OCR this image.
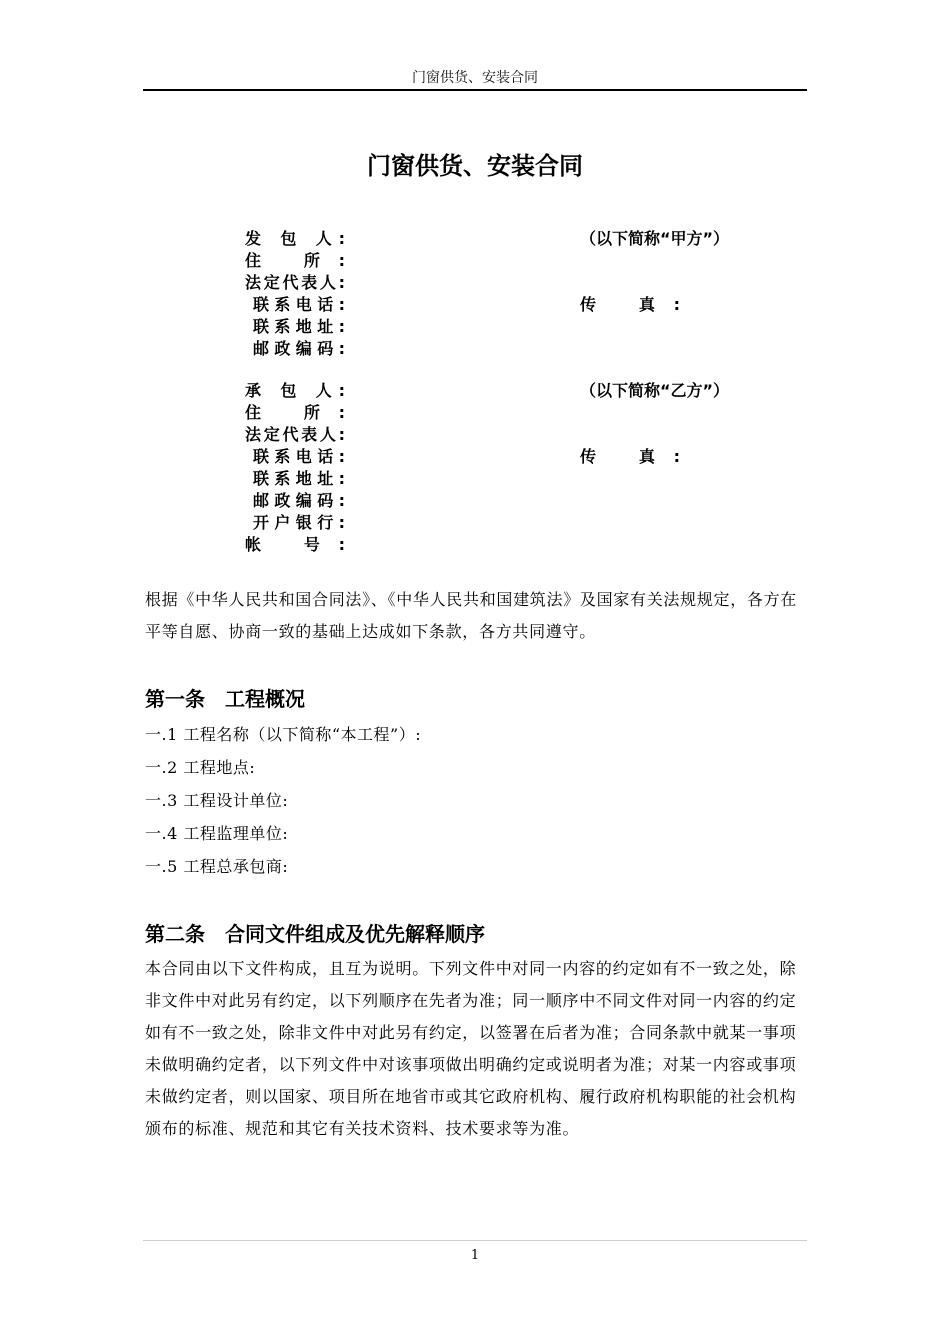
门窗供货、安装合同
门窗供货、安装合同
发 包 人:	（以下简称“甲方”）
住 所:
法定代表人:
联系电话:	传 真:
联系地址:
邮政编码:
承 包 人:	（以下简称“乙方”）
住 所:
法定代表人:
联系电话:	传 真:
联系地址:
邮政编码:
开户银行:
帐 号:
根据《中华人民共和国合同法》、《中华人民共和国建筑法》及国家有关法规规定，各方在平等自愿、协商一致的基础上达成如下条款，各方共同遵守。
第一条　工程概况
一.1 工程名称（以下简称“本工程”）:
一.2 工程地点:
一.3 工程设计单位:
一.4 工程监理单位:
一.5 工程总承包商:
第二条　合同文件组成及优先解释顺序
本合同由以下文件构成，且互为说明。下列文件中对同一内容的约定如有不一致之处，除非文件中对此另有约定，以下列顺序在先者为准；同一顺序中不同文件对同一内容的约定如有不一致之处，除非文件中对此另有约定，以签署在后者为准；合同条款中就某一事项未做明确约定者，以下列文件中对该事项做出明确约定或说明者为准；对某一内容或事项未做约定者，则以国家、项目所在地省市或其它政府机构、履行政府机构职能的社会机构颁布的标准、规范和其它有关技术资料、技术要求等为准。
1
